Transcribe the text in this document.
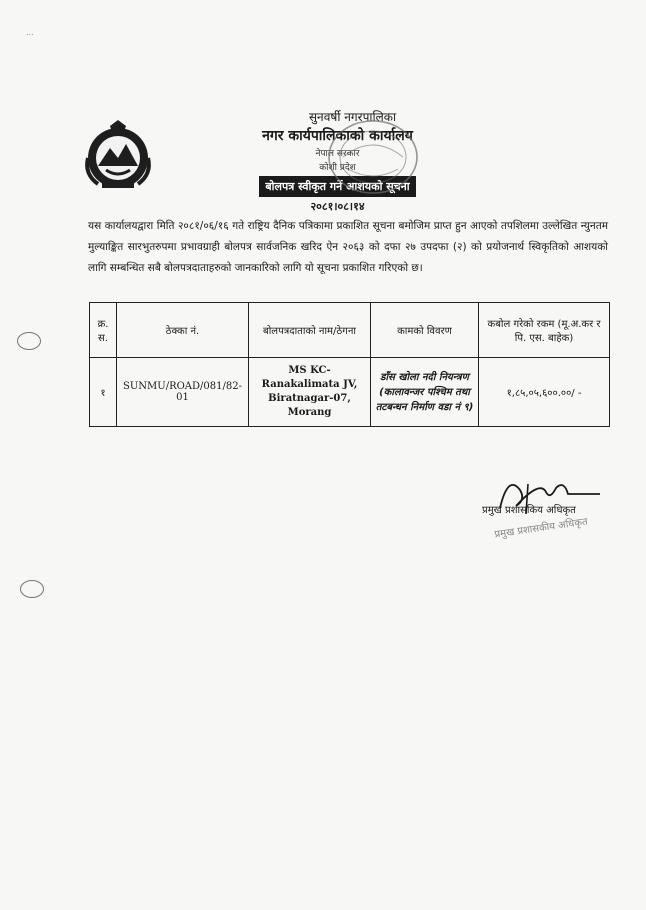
...
सुनवर्षी नगरपालिका
नगर कार्यपालिकाको कार्यालय
नेपाल सरकार
कोशी प्रदेश
बोलपत्र स्वीकृत गर्ने आशयको सूचना
२०८१।०८।१४
यस कार्यालयद्वारा मिति २०८१/०६/१६ गते राष्ट्रिय दैनिक पत्रिकामा प्रकाशित सूचना बमोजिम प्राप्त हुन आएको तपशिलमा उल्लेखित न्युनतम मुल्याङ्कित सारभुतरुपमा प्रभावग्राही बोलपत्र सार्वजनिक खरिद ऐन २०६३ को दफा २७ उपदफा (२) को प्रयोजनार्थ स्विकृतिको आशयको लागि सम्बन्धित सबै बोलपत्रदाताहरुको जानकारिको लागि यो सूचना प्रकाशित गरिएको छ।
क्र. स.	ठेक्का नं.	बोलपत्रदाताको नाम/ठेगना	कामको विवरण	कबोल गरेको रकम (मू.अ.कर र पि. एस. बाहेक)
१	SUNMU/ROAD/081/82-01	MS KC-Ranakalimata JV, Biratnagar-07, Morang	डाँस खोला नदी नियन्त्रण (कालावन्जर पश्चिम तथा तटबन्धन निर्माण वडा नं ९)	१,८५,०५,६००.००/ -
प्रमुख प्रशासकिय अधिकृत
प्रमुख प्रशासकीय अधिकृत
